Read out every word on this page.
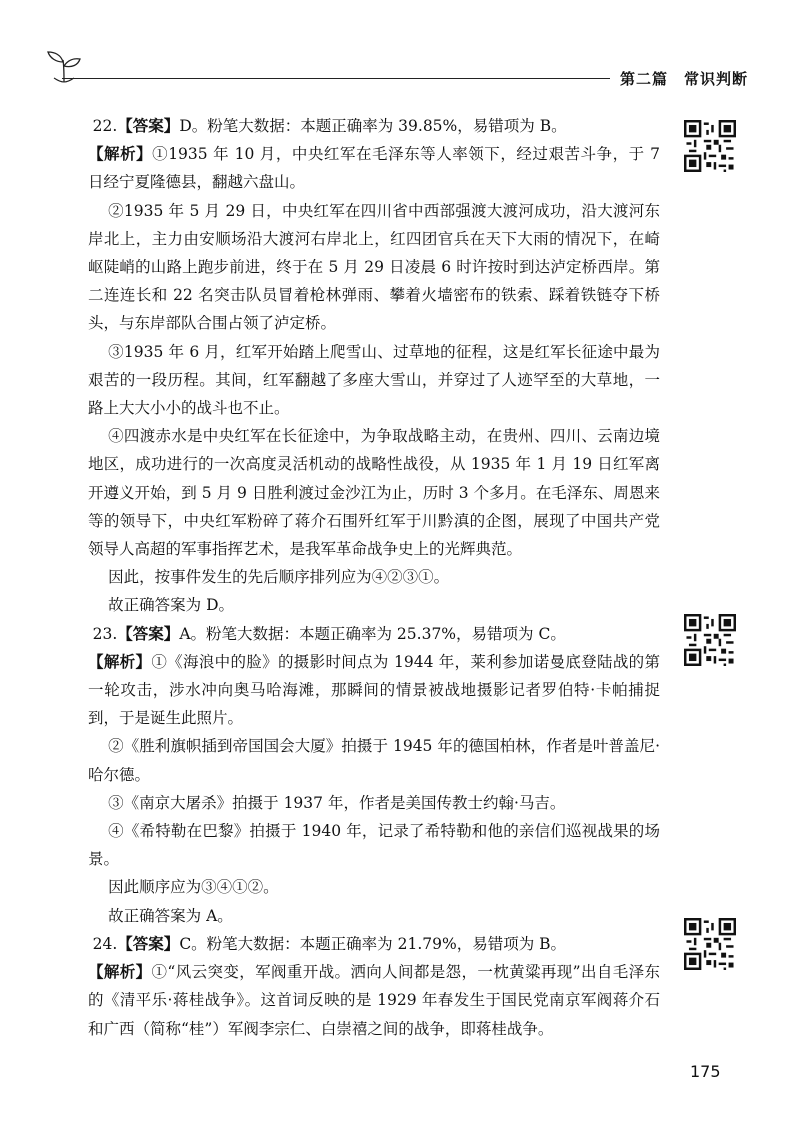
第二篇　常识判断

22.【答案】D。粉笔大数据：本题正确率为 39.85%，易错项为 B。

【解析】①1935 年 10 月，中央红军在毛泽东等人率领下，经过艰苦斗争，于 7 日经宁夏隆德县，翻越六盘山。

②1935 年 5 月 29 日，中央红军在四川省中西部强渡大渡河成功，沿大渡河东岸北上，主力由安顺场沿大渡河右岸北上，红四团官兵在天下大雨的情况下，在崎岖陡峭的山路上跑步前进，终于在 5 月 29 日凌晨 6 时许按时到达泸定桥西岸。第二连连长和 22 名突击队员冒着枪林弹雨、攀着火墙密布的铁索、踩着铁链夺下桥头，与东岸部队合围占领了泸定桥。

③1935 年 6 月，红军开始踏上爬雪山、过草地的征程，这是红军长征途中最为艰苦的一段历程。其间，红军翻越了多座大雪山，并穿过了人迹罕至的大草地，一路上大大小小的战斗也不止。

④四渡赤水是中央红军在长征途中，为争取战略主动，在贵州、四川、云南边境地区，成功进行的一次高度灵活机动的战略性战役，从 1935 年 1 月 19 日红军离开遵义开始，到 5 月 9 日胜利渡过金沙江为止，历时 3 个多月。在毛泽东、周恩来等的领导下，中央红军粉碎了蒋介石围歼红军于川黔滇的企图，展现了中国共产党领导人高超的军事指挥艺术，是我军革命战争史上的光辉典范。

因此，按事件发生的先后顺序排列应为④②③①。

故正确答案为 D。

23.【答案】A。粉笔大数据：本题正确率为 25.37%，易错项为 C。

【解析】①《海浪中的脸》的摄影时间点为 1944 年，莱利参加诺曼底登陆战的第一轮攻击，涉水冲向奥马哈海滩，那瞬间的情景被战地摄影记者罗伯特·卡帕捕捉到，于是诞生此照片。

②《胜利旗帜插到帝国国会大厦》拍摄于 1945 年的德国柏林，作者是叶普盖尼·哈尔德。

③《南京大屠杀》拍摄于 1937 年，作者是美国传教士约翰·马吉。

④《希特勒在巴黎》拍摄于 1940 年，记录了希特勒和他的亲信们巡视战果的场景。

因此顺序应为③④①②。

故正确答案为 A。

24.【答案】C。粉笔大数据：本题正确率为 21.79%，易错项为 B。

【解析】①“风云突变，军阀重开战。洒向人间都是怨，一枕黄粱再现”出自毛泽东的《清平乐·蒋桂战争》。这首词反映的是 1929 年春发生于国民党南京军阀蒋介石和广西（简称“桂”）军阀李宗仁、白崇禧之间的战争，即蒋桂战争。

175
